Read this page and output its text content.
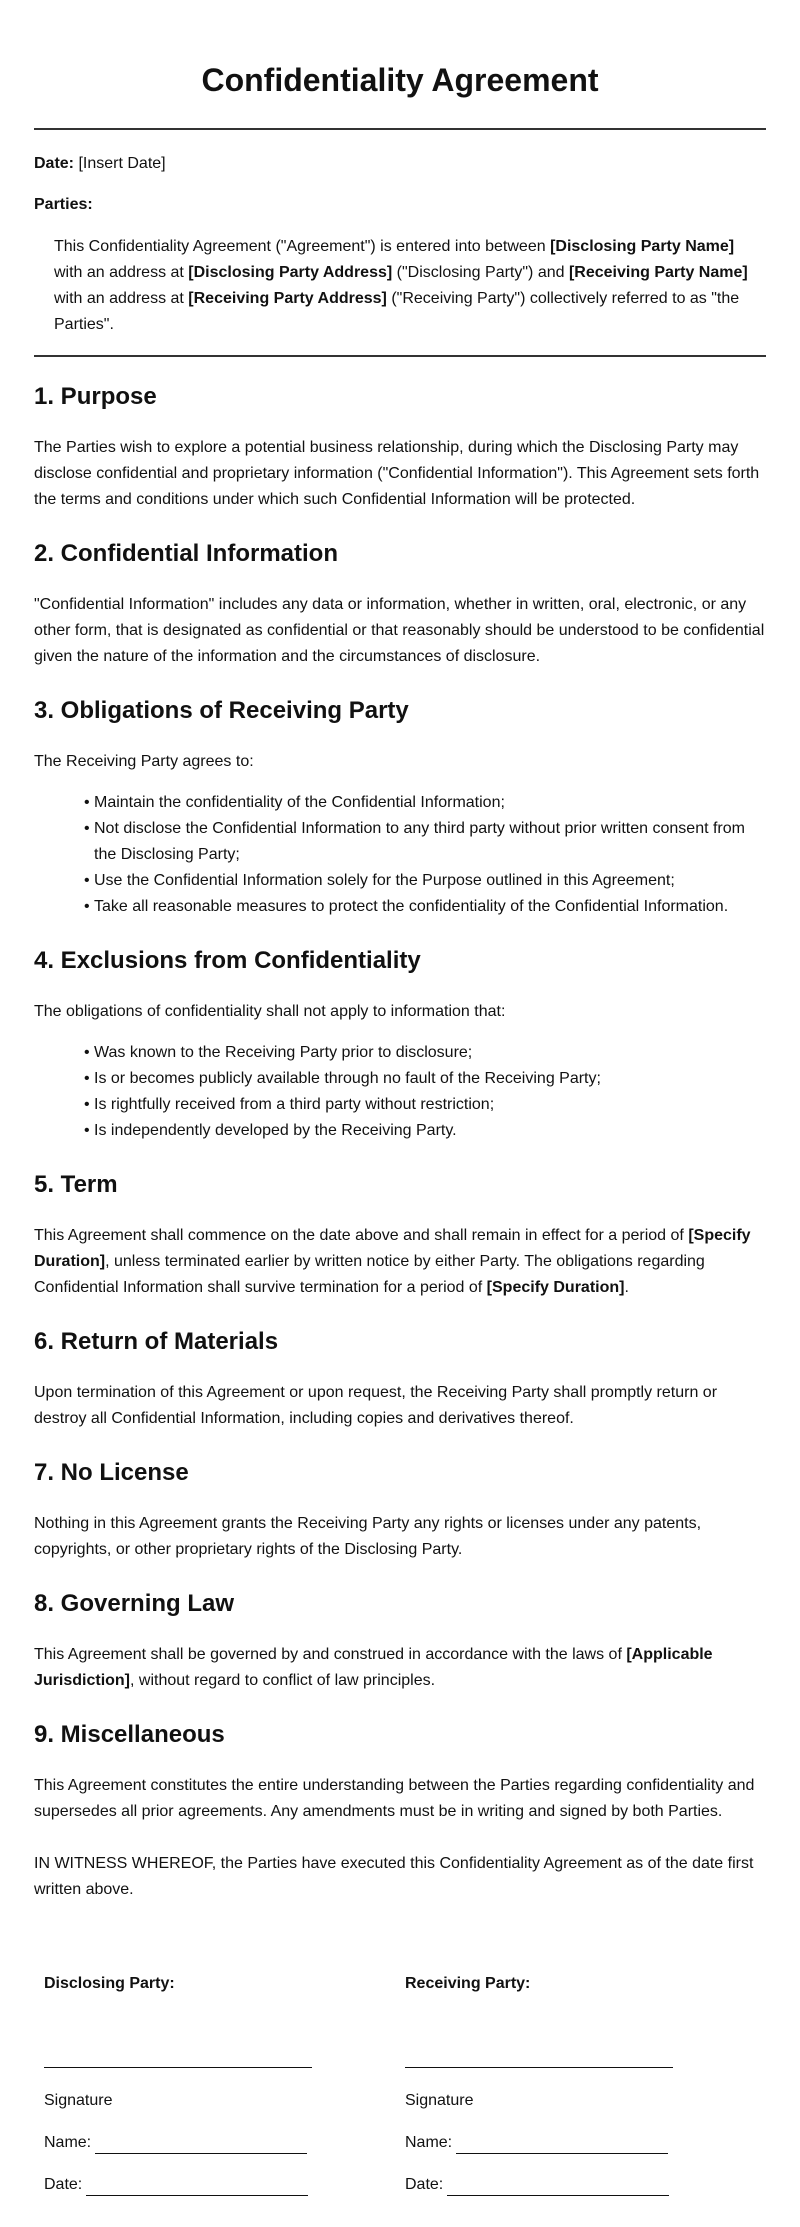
Confidentiality Agreement

Date: [Insert Date]

Parties:

This Confidentiality Agreement ("Agreement") is entered into between [Disclosing Party Name] with an address at [Disclosing Party Address] ("Disclosing Party") and [Receiving Party Name] with an address at [Receiving Party Address] ("Receiving Party") collectively referred to as "the Parties".

1. Purpose

The Parties wish to explore a potential business relationship, during which the Disclosing Party may disclose confidential and proprietary information ("Confidential Information"). This Agreement sets forth the terms and conditions under which such Confidential Information will be protected.

2. Confidential Information

"Confidential Information" includes any data or information, whether in written, oral, electronic, or any other form, that is designated as confidential or that reasonably should be understood to be confidential given the nature of the information and the circumstances of disclosure.

3. Obligations of Receiving Party

The Receiving Party agrees to:

• Maintain the confidentiality of the Confidential Information;
• Not disclose the Confidential Information to any third party without prior written consent from the Disclosing Party;
• Use the Confidential Information solely for the Purpose outlined in this Agreement;
• Take all reasonable measures to protect the confidentiality of the Confidential Information.
4. Exclusions from Confidentiality

The obligations of confidentiality shall not apply to information that:

• Was known to the Receiving Party prior to disclosure;
• Is or becomes publicly available through no fault of the Receiving Party;
• Is rightfully received from a third party without restriction;
• Is independently developed by the Receiving Party.
5. Term

This Agreement shall commence on the date above and shall remain in effect for a period of [Specify Duration], unless terminated earlier by written notice by either Party. The obligations regarding Confidential Information shall survive termination for a period of [Specify Duration].

6. Return of Materials

Upon termination of this Agreement or upon request, the Receiving Party shall promptly return or destroy all Confidential Information, including copies and derivatives thereof.

7. No License

Nothing in this Agreement grants the Receiving Party any rights or licenses under any patents, copyrights, or other proprietary rights of the Disclosing Party.

8. Governing Law

This Agreement shall be governed by and construed in accordance with the laws of [Applicable Jurisdiction], without regard to conflict of law principles.

9. Miscellaneous

This Agreement constitutes the entire understanding between the Parties regarding confidentiality and supersedes all prior agreements. Any amendments must be in writing and signed by both Parties.

IN WITNESS WHEREOF, the Parties have executed this Confidentiality Agreement as of the date first written above.

Disclosing Party:
Signature
Name:
Date:
Receiving Party:
Signature
Name:
Date:
